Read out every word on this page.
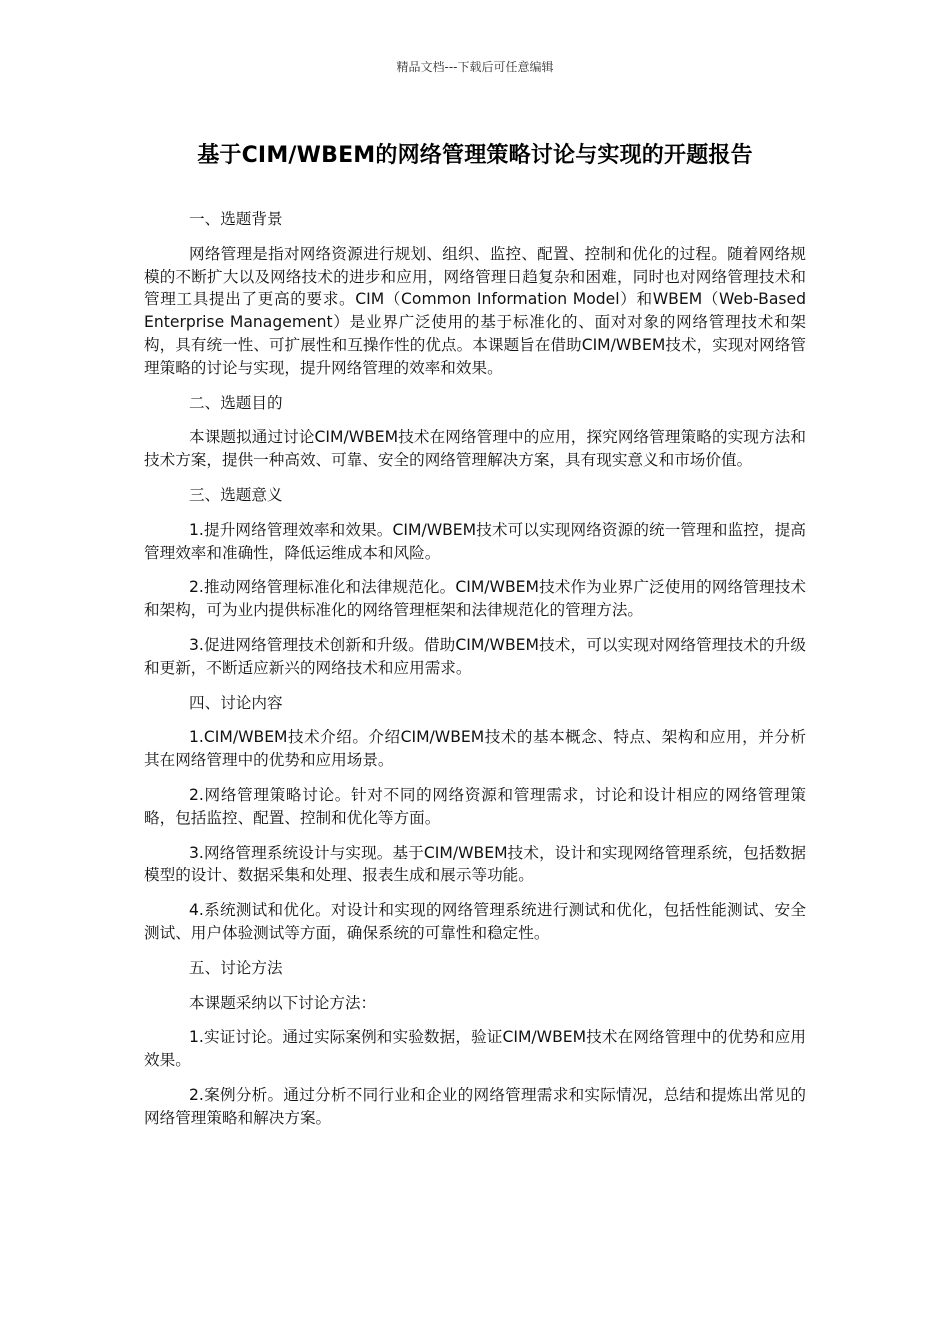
精品文档---下载后可任意编辑
基于CIM/WBEM的网络管理策略讨论与实现的开题报告

一、选题背景

网络管理是指对网络资源进行规划、组织、监控、配置、控制和优化的过程。随着网络规模的不断扩大以及网络技术的进步和应用，网络管理日趋复杂和困难，同时也对网络管理技术和管理工具提出了更高的要求。CIM（Common Information Model）和WBEM（Web-Based Enterprise Management）是业界广泛使用的基于标准化的、面对对象的网络管理技术和架构，具有统一性、可扩展性和互操作性的优点。本课题旨在借助CIM/WBEM技术，实现对网络管理策略的讨论与实现，提升网络管理的效率和效果。

二、选题目的

本课题拟通过讨论CIM/WBEM技术在网络管理中的应用，探究网络管理策略的实现方法和技术方案，提供一种高效、可靠、安全的网络管理解决方案，具有现实意义和市场价值。

三、选题意义

1.提升网络管理效率和效果。CIM/WBEM技术可以实现网络资源的统一管理和监控，提高管理效率和准确性，降低运维成本和风险。

2.推动网络管理标准化和法律规范化。CIM/WBEM技术作为业界广泛使用的网络管理技术和架构，可为业内提供标准化的网络管理框架和法律规范化的管理方法。

3.促进网络管理技术创新和升级。借助CIM/WBEM技术，可以实现对网络管理技术的升级和更新，不断适应新兴的网络技术和应用需求。

四、讨论内容

1.CIM/WBEM技术介绍。介绍CIM/WBEM技术的基本概念、特点、架构和应用，并分析其在网络管理中的优势和应用场景。

2.网络管理策略讨论。针对不同的网络资源和管理需求，讨论和设计相应的网络管理策略，包括监控、配置、控制和优化等方面。

3.网络管理系统设计与实现。基于CIM/WBEM技术，设计和实现网络管理系统，包括数据模型的设计、数据采集和处理、报表生成和展示等功能。

4.系统测试和优化。对设计和实现的网络管理系统进行测试和优化，包括性能测试、安全测试、用户体验测试等方面，确保系统的可靠性和稳定性。

五、讨论方法

本课题采纳以下讨论方法：

1.实证讨论。通过实际案例和实验数据，验证CIM/WBEM技术在网络管理中的优势和应用效果。

2.案例分析。通过分析不同行业和企业的网络管理需求和实际情况，总结和提炼出常见的网络管理策略和解决方案。
